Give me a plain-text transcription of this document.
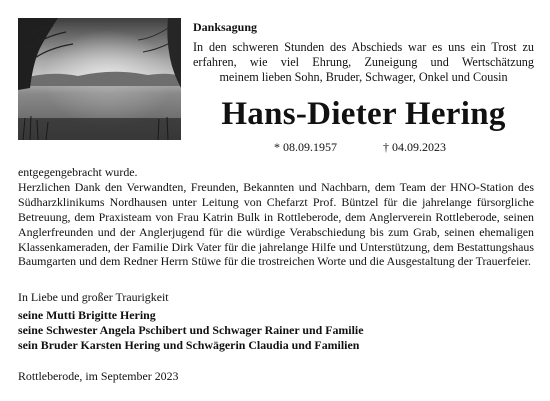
Danksagung
In den schweren Stunden des Abschieds war es uns ein Trost zu
erfahren, wie viel Ehrung, Zuneigung und Wertschätzung
meinem lieben Sohn, Bruder, Schwager, Onkel und Cousin
Hans-Dieter Hering
* 08.09.1957	† 04.09.2023
entgegengebracht wurde.
Herzlichen Dank den Verwandten, Freunden, Bekannten und Nachbarn, dem Team der HNO-Station des Südharzklinikums Nordhausen unter Leitung von Chefarzt Prof. Büntzel für die jahrelange fürsorgliche Betreuung, dem Praxisteam von Frau Katrin Bulk in Rottleberode, dem Anglerverein Rottleberode, seinen Anglerfreunden und der Anglerjugend für die würdige Verabschiedung bis zum Grab, seinen ehemaligen Klassenkameraden, der Familie Dirk Vater für die jahrelange Hilfe und Unterstützung, dem Bestattungshaus Baumgarten und dem Redner Herrn Stüwe für die trostreichen Worte und die Ausgestaltung der Trauerfeier.
In Liebe und großer Traurigkeit
seine Mutti Brigitte Hering
seine Schwester Angela Pschibert und Schwager Rainer und Familie
sein Bruder Karsten Hering und Schwägerin Claudia und Familien
Rottleberode, im September 2023
